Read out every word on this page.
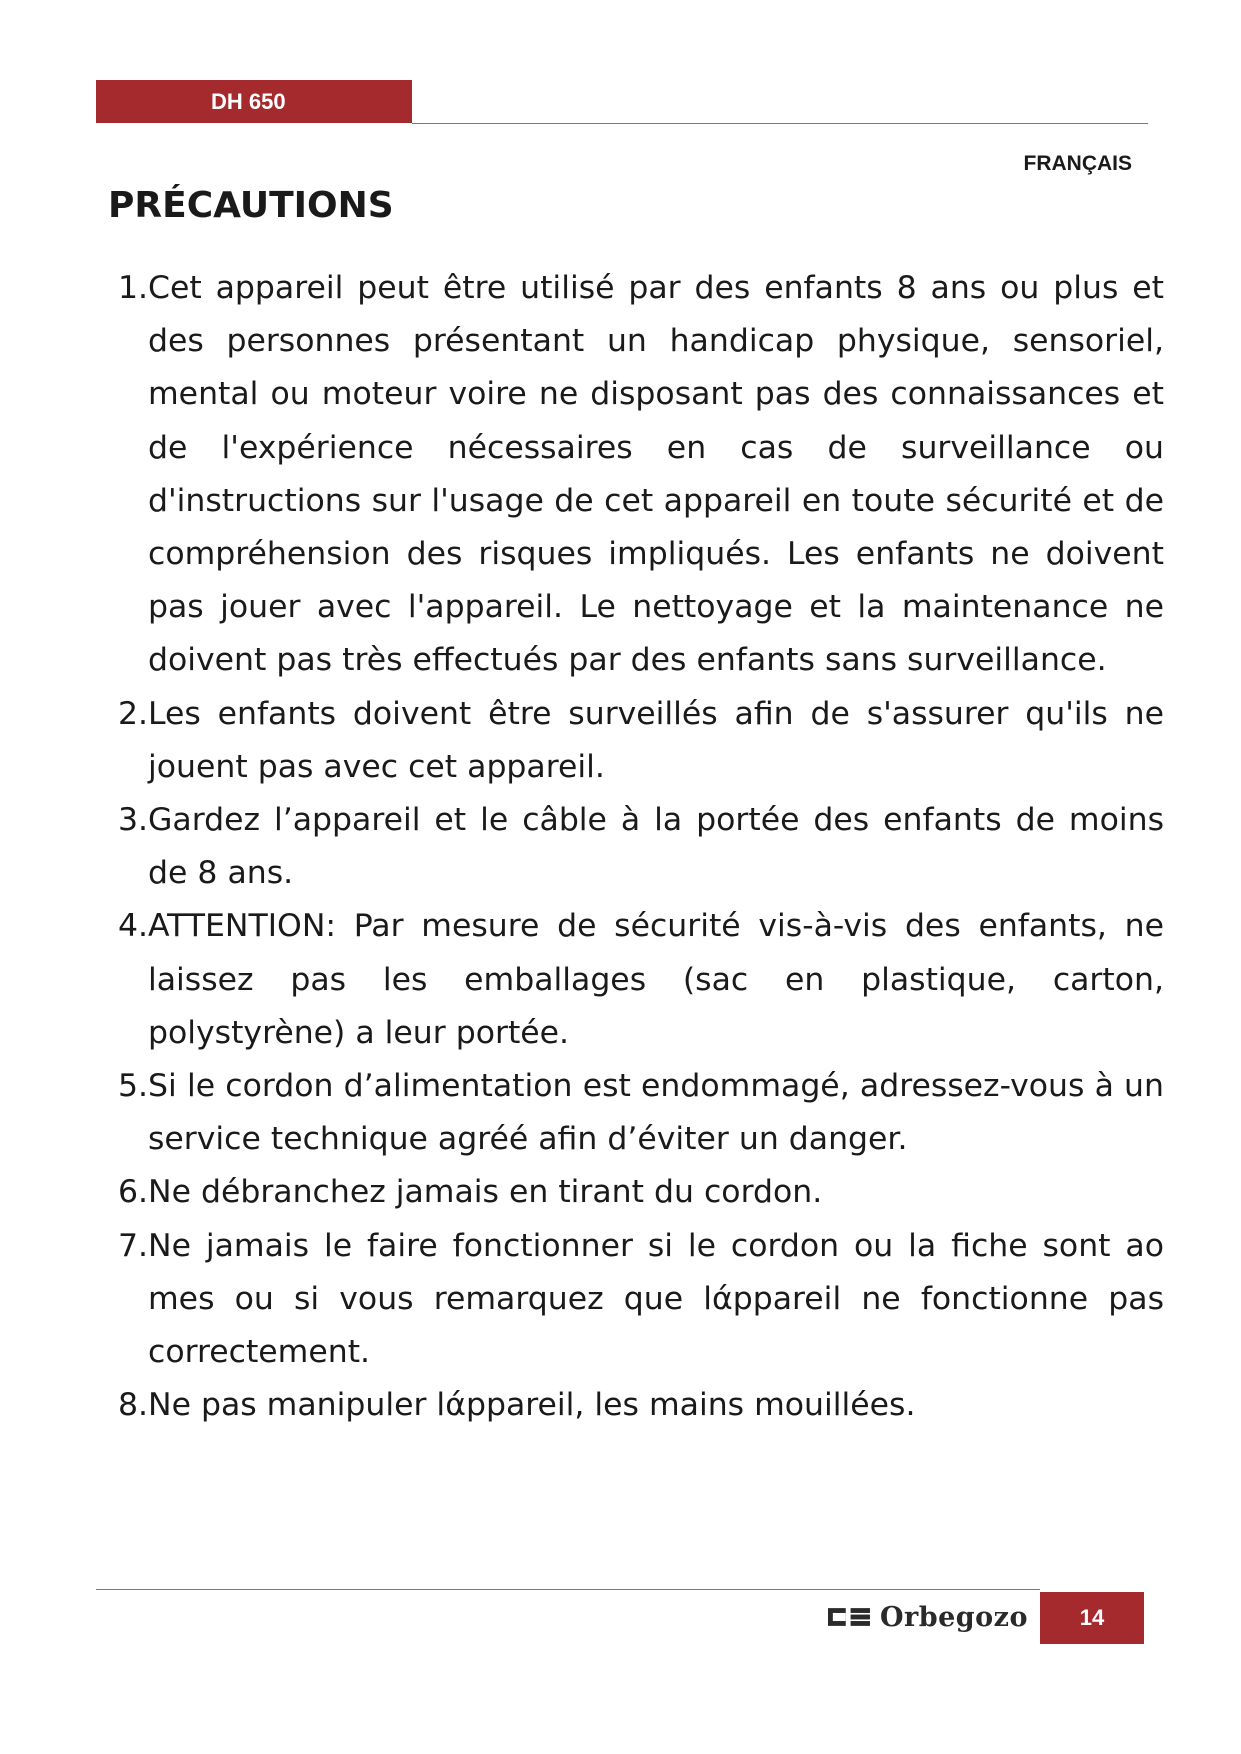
DH 650
FRANÇAIS
PRÉCAUTIONS
1. Cet appareil peut être utilisé par des enfants 8 ans ou plus et des personnes présentant un handicap physique, sensoriel, mental ou moteur voire ne disposant pas des connaissances et de l'expérience nécessaires en cas de surveillance ou d'instructions sur l'usage de cet appareil en toute sécurité et de compréhension des risques impliqués. Les enfants ne doivent pas jouer avec l'appareil. Le nettoyage et la maintenance ne doivent pas très effectués par des enfants sans surveillance.
2. Les enfants doivent être surveillés afin de s'assurer qu'ils ne jouent pas avec cet appareil.
3. Gardez l’appareil et le câble à la portée des enfants de moins de 8 ans.
4. ATTENTION: Par mesure de sécurité vis-à-vis des enfants, ne laissez pas les emballages (sac en plastique, carton, polystyrène) a leur portée.
5. Si le cordon d’alimentation est endommagé, adressez-vous à un service technique agréé afin d’éviter un danger.
6. Ne débranchez jamais en tirant du cordon.
7. Ne jamais le faire fonctionner si le cordon ou la fiche sont ao mes ou si vous remarquez que lάppareil ne fonctionne pas correctement.
8. Ne pas manipuler lάppareil, les mains mouillées.
Orbegozo	14
